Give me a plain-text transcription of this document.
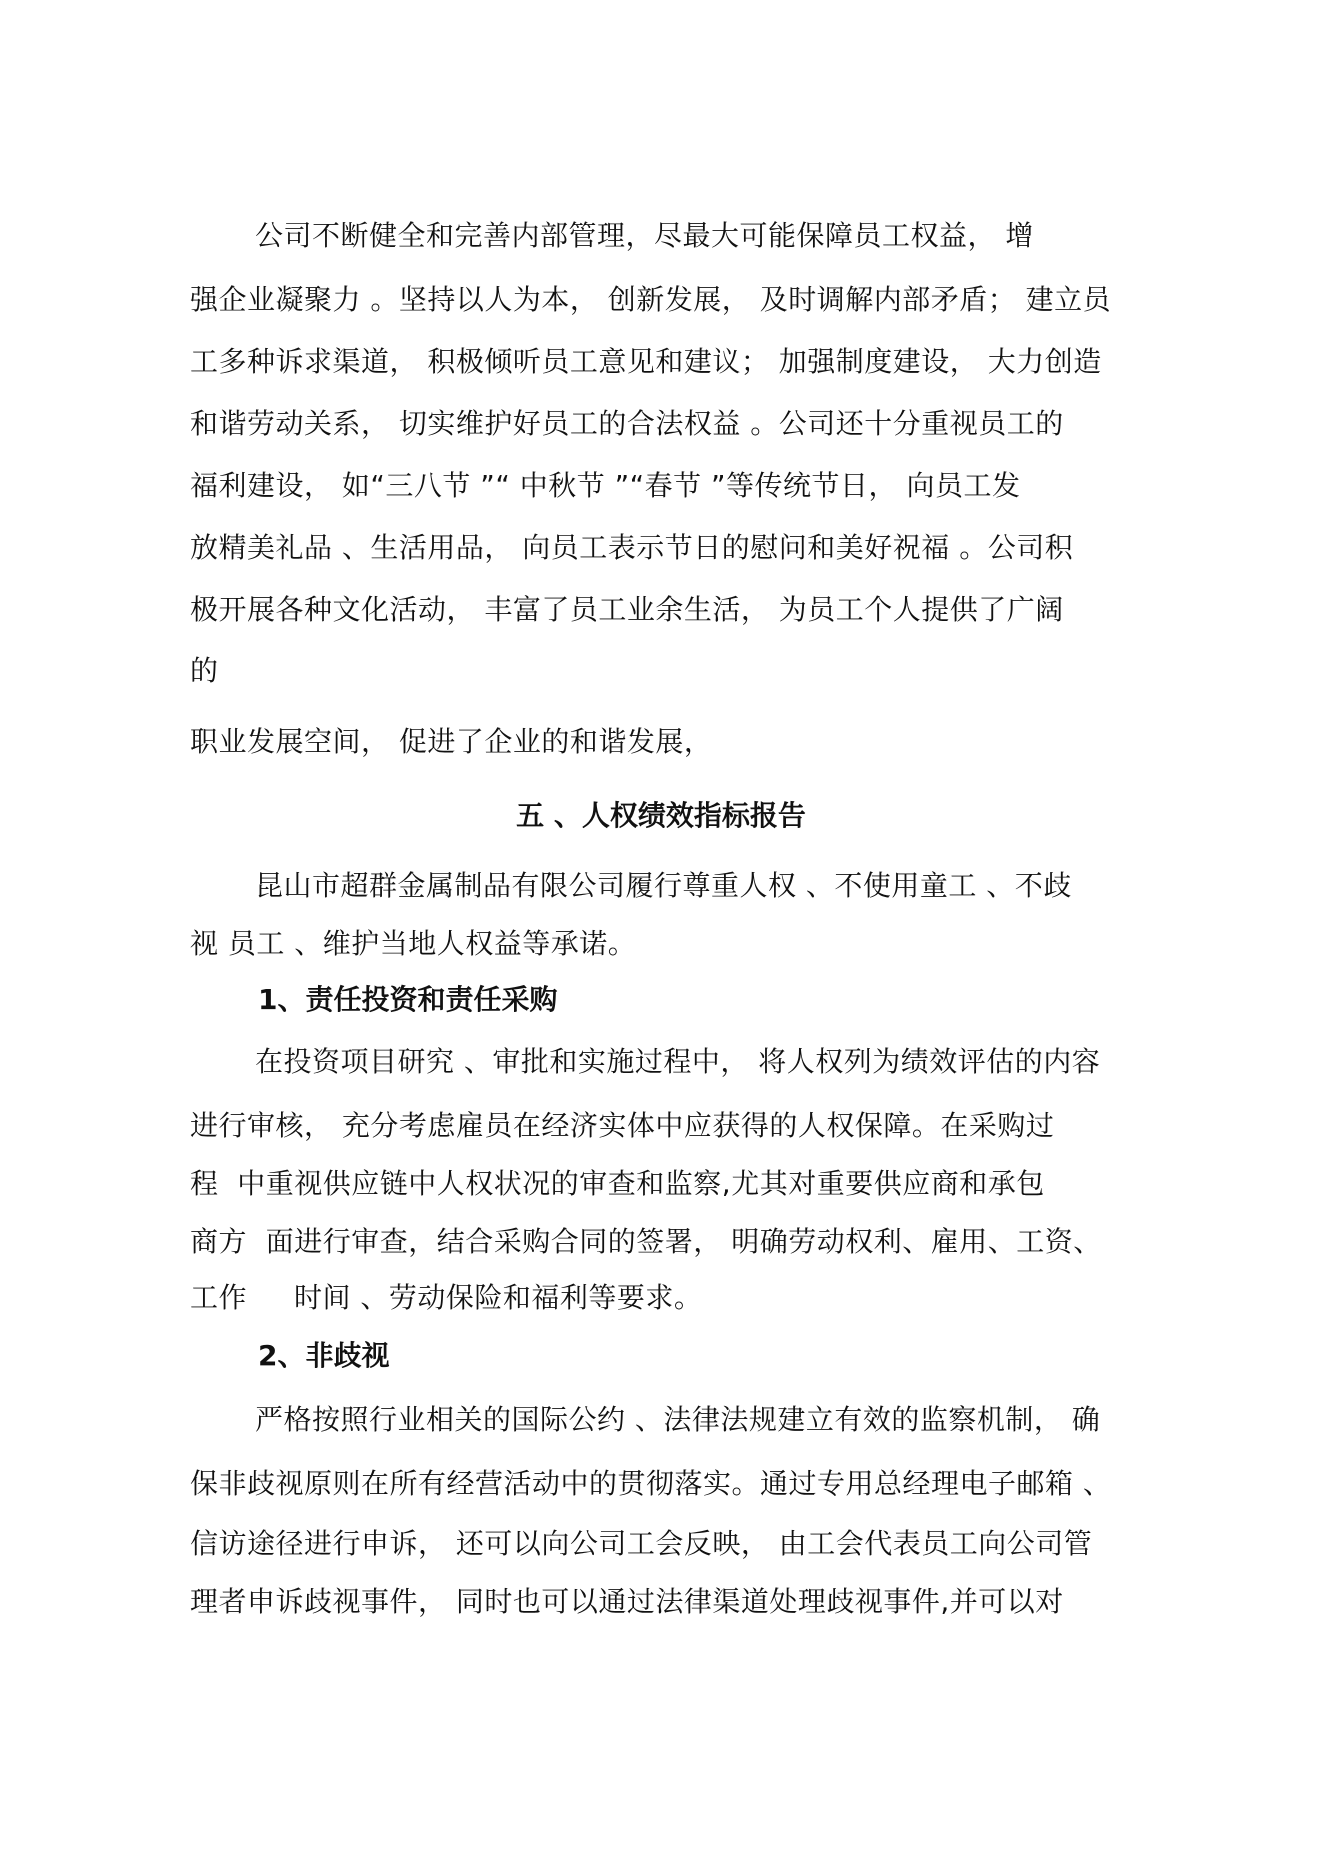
公司不断健全和完善内部管理，尽最大可能保障员工权益， 增
强企业凝聚力 。坚持以人为本， 创新发展， 及时调解内部矛盾； 建立员
工多种诉求渠道， 积极倾听员工意见和建议； 加强制度建设， 大力创造
和谐劳动关系， 切实维护好员工的合法权益 。公司还十分重视员工的
福利建设， 如“三八节 ”“ 中秋节 ”“春节 ”等传统节日， 向员工发
放精美礼品 、生活用品， 向员工表示节日的慰问和美好祝福 。公司积
极开展各种文化活动， 丰富了员工业余生活， 为员工个人提供了广阔
的
职业发展空间， 促进了企业的和谐发展，
五 、人权绩效指标报告
昆山市超群金属制品有限公司履行尊重人权 、不使用童工 、不歧
视 员工 、维护当地人权益等承诺。
1、责任投资和责任采购
在投资项目研究 、审批和实施过程中， 将人权列为绩效评估的内容
进行审核， 充分考虑雇员在经济实体中应获得的人权保障。在采购过
程  中重视供应链中人权状况的审查和监察,尤其对重要供应商和承包
商方  面进行审查，结合采购合同的签署， 明确劳动权利、雇用、工资、
工作     时间 、劳动保险和福利等要求。
2、非歧视
严格按照行业相关的国际公约 、法律法规建立有效的监察机制， 确
保非歧视原则在所有经营活动中的贯彻落实。通过专用总经理电子邮箱 、
信访途径进行申诉， 还可以向公司工会反映， 由工会代表员工向公司管
理者申诉歧视事件， 同时也可以通过法律渠道处理歧视事件,并可以对
